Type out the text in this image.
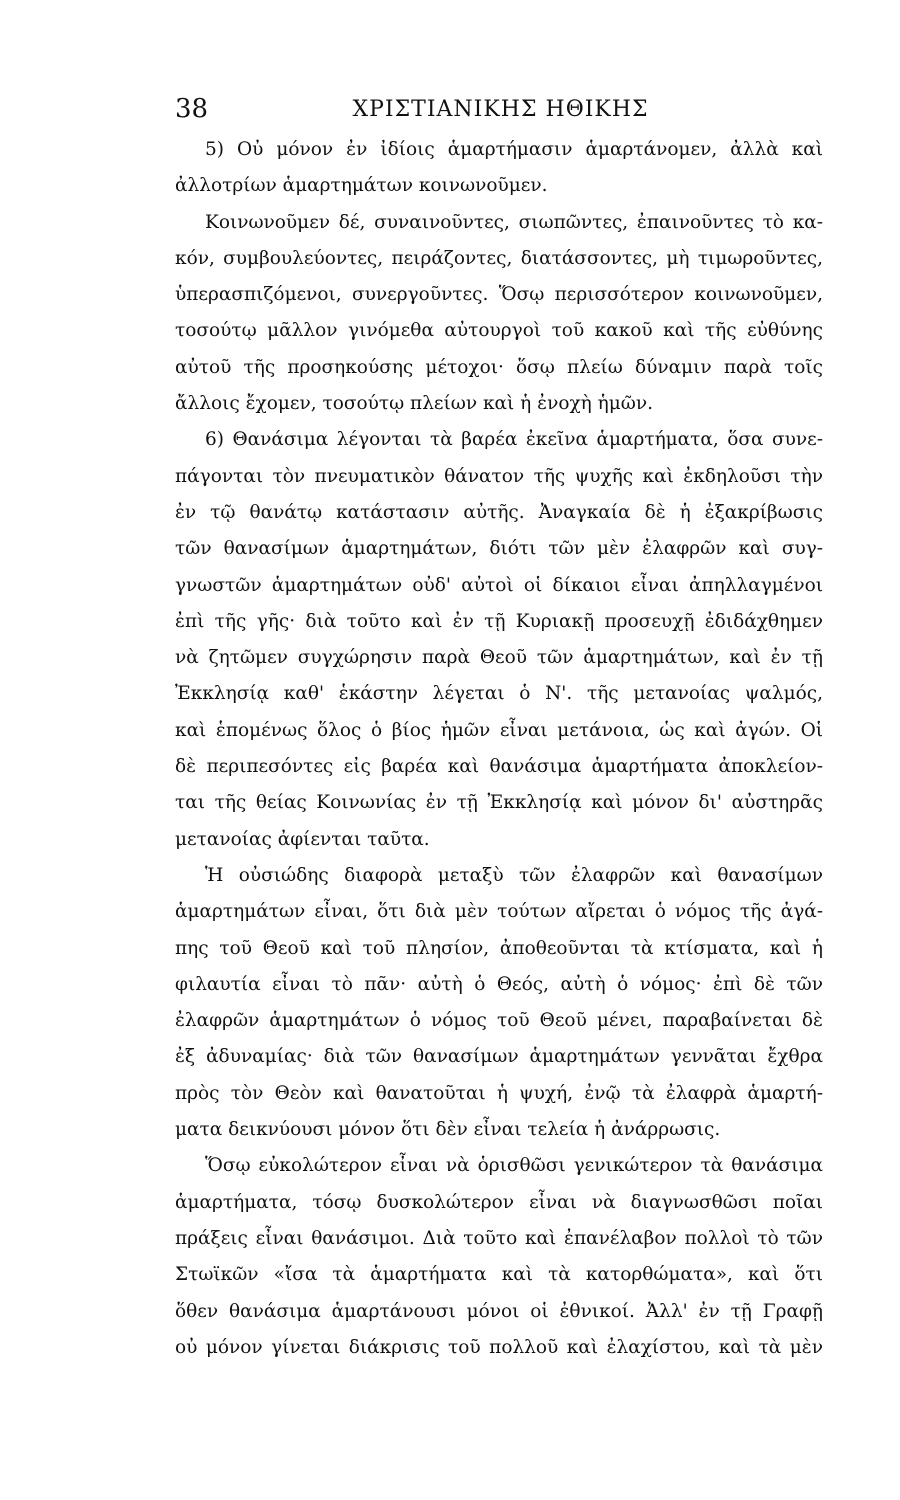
38	ΧΡΙΣΤΙΑΝΙΚΗΣ ΗΘΙΚΗΣ
5) Οὐ μόνον ἐν ἰδίοις ἁμαρτήμασιν ἁμαρτάνομεν, ἀλλὰ καὶ
ἀλλοτρίων ἁμαρτημάτων κοινωνοῦμεν.
Κοινωνοῦμεν δέ, συναινοῦντες, σιωπῶντες, ἐπαινοῦντες τὸ κα-
κόν, συμβουλεύοντες, πειράζοντες, διατάσσοντες, μὴ τιμωροῦντες,
ὑπερασπιζόμενοι, συνεργοῦντες. Ὅσῳ περισσότερον κοινωνοῦμεν,
τοσούτῳ μᾶλλον γινόμεθα αὐτουργοὶ τοῦ κακοῦ καὶ τῆς εὐθύνης
αὐτοῦ τῆς προσηκούσης μέτοχοι· ὅσῳ πλείω δύναμιν παρὰ τοῖς
ἄλλοις ἔχομεν, τοσούτῳ πλείων καὶ ἡ ἐνοχὴ ἡμῶν.
6) Θανάσιμα λέγονται τὰ βαρέα ἐκεῖνα ἁμαρτήματα, ὅσα συνε-
πάγονται τὸν πνευματικὸν θάνατον τῆς ψυχῆς καὶ ἐκδηλοῦσι τὴν
ἐν τῷ θανάτῳ κατάστασιν αὐτῆς. Ἀναγκαία δὲ ἡ ἐξακρίβωσις
τῶν θανασίμων ἁμαρτημάτων, διότι τῶν μὲν ἐλαφρῶν καὶ συγ-
γνωστῶν ἁμαρτημάτων οὐδ' αὐτοὶ οἱ δίκαιοι εἶναι ἀπηλλαγμένοι
ἐπὶ τῆς γῆς· διὰ τοῦτο καὶ ἐν τῇ Κυριακῇ προσευχῇ ἐδιδάχθημεν
νὰ ζητῶμεν συγχώρησιν παρὰ Θεοῦ τῶν ἁμαρτημάτων, καὶ ἐν τῇ
Ἐκκλησίᾳ καθ' ἑκάστην λέγεται ὁ Ν'. τῆς μετανοίας ψαλμός,
καὶ ἑπομένως ὅλος ὁ βίος ἡμῶν εἶναι μετάνοια, ὡς καὶ ἀγών. Οἱ
δὲ περιπεσόντες εἰς βαρέα καὶ θανάσιμα ἁμαρτήματα ἀποκλείον-
ται τῆς θείας Κοινωνίας ἐν τῇ Ἐκκλησίᾳ καὶ μόνον δι' αὐστηρᾶς
μετανοίας ἀφίενται ταῦτα.
Ἡ οὐσιώδης διαφορὰ μεταξὺ τῶν ἐλαφρῶν καὶ θανασίμων
ἁμαρτημάτων εἶναι, ὅτι διὰ μὲν τούτων αἴρεται ὁ νόμος τῆς ἀγά-
πης τοῦ Θεοῦ καὶ τοῦ πλησίον, ἀποθεοῦνται τὰ κτίσματα, καὶ ἡ
φιλαυτία εἶναι τὸ πᾶν· αὐτὴ ὁ Θεός, αὐτὴ ὁ νόμος· ἐπὶ δὲ τῶν
ἐλαφρῶν ἁμαρτημάτων ὁ νόμος τοῦ Θεοῦ μένει, παραβαίνεται δὲ
ἐξ ἀδυναμίας· διὰ τῶν θανασίμων ἁμαρτημάτων γεννᾶται ἔχθρα
πρὸς τὸν Θεὸν καὶ θανατοῦται ἡ ψυχή, ἐνῷ τὰ ἐλαφρὰ ἁμαρτή-
ματα δεικνύουσι μόνον ὅτι δὲν εἶναι τελεία ἡ ἀνάρρωσις.
Ὅσῳ εὐκολώτερον εἶναι νὰ ὁρισθῶσι γενικώτερον τὰ θανάσιμα
ἁμαρτήματα, τόσῳ δυσκολώτερον εἶναι νὰ διαγνωσθῶσι ποῖαι
πράξεις εἶναι θανάσιμοι. Διὰ τοῦτο καὶ ἐπανέλαβον πολλοὶ τὸ τῶν
Στωϊκῶν «ἴσα τὰ ἁμαρτήματα καὶ τὰ κατορθώματα», καὶ ὅτι
ὅθεν θανάσιμα ἁμαρτάνουσι μόνοι οἱ ἐθνικοί. Ἀλλ' ἐν τῇ Γραφῇ
οὐ μόνον γίνεται διάκρισις τοῦ πολλοῦ καὶ ἐλαχίστου, καὶ τὰ μὲν
